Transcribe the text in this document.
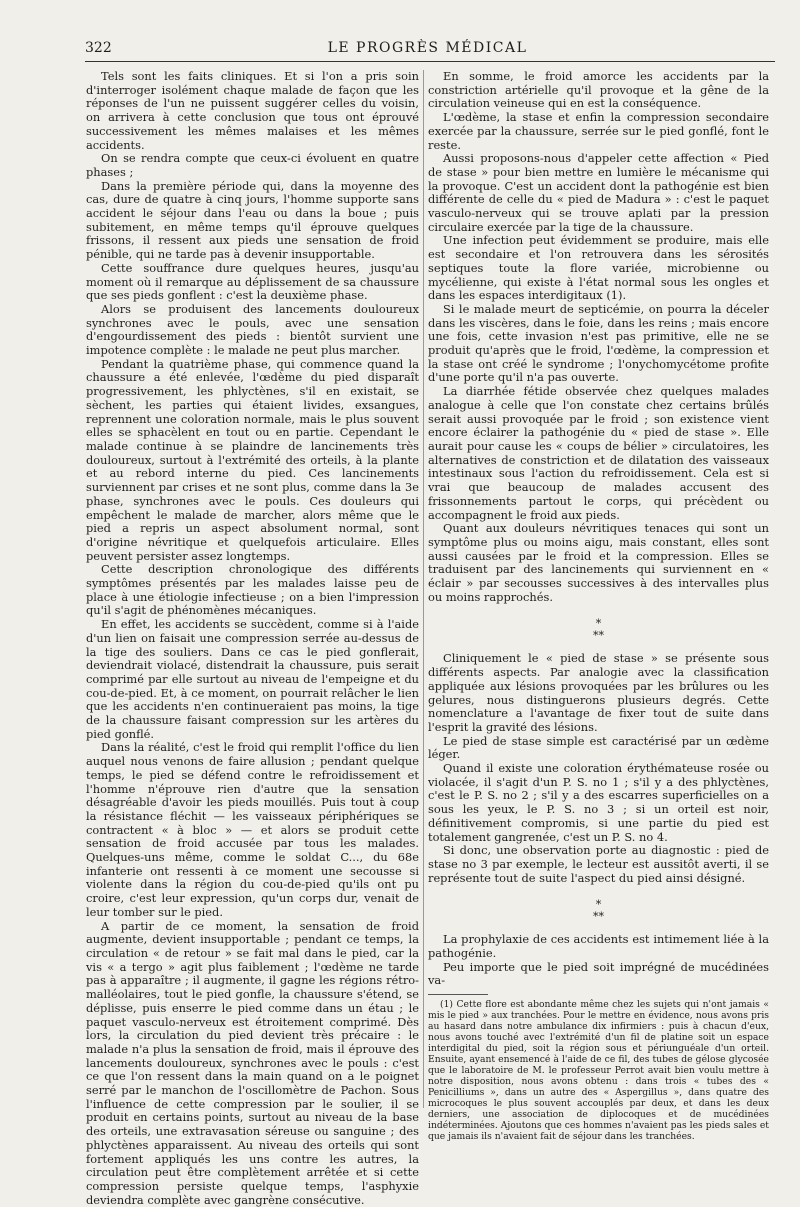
322	LE PROGRÈS MÉDICAL

Tels sont les faits cliniques. Et si l'on a pris soin d'interroger isolément chaque malade de façon que les réponses de l'un ne puissent suggérer celles du voisin, on arrivera à cette conclusion que tous ont éprouvé successivement les mêmes malaises et les mêmes accidents.

On se rendra compte que ceux-ci évoluent en quatre phases ;

Dans la première période qui, dans la moyenne des cas, dure de quatre à cinq jours, l'homme supporte sans accident le séjour dans l'eau ou dans la boue ; puis subitement, en même temps qu'il éprouve quelques frissons, il ressent aux pieds une sensation de froid pénible, qui ne tarde pas à devenir insupportable.

Cette souffrance dure quelques heures, jusqu'au moment où il remarque au déplissement de sa chaussure que ses pieds gonflent : c'est la deuxième phase.

Alors se produisent des lancements douloureux synchrones avec le pouls, avec une sensation d'engourdissement des pieds : bientôt survient une impotence complète : le malade ne peut plus marcher.

Pendant la quatrième phase, qui commence quand la chaussure a été enlevée, l'œdème du pied disparaît progressivement, les phlyctènes, s'il en existait, se sèchent, les parties qui étaient livides, exsangues, reprennent une coloration normale, mais le plus souvent elles se sphacèlent en tout ou en partie. Cependant le malade continue à se plaindre de lancinements très douloureux, surtout à l'extrémité des orteils, à la plante et au rebord interne du pied. Ces lancinements surviennent par crises et ne sont plus, comme dans la 3e phase, synchrones avec le pouls. Ces douleurs qui empêchent le malade de marcher, alors même que le pied a repris un aspect absolument normal, sont d'origine névritique et quelquefois articulaire. Elles peuvent persister assez longtemps.

Cette description chronologique des différents symptômes présentés par les malades laisse peu de place à une étiologie infectieuse ; on a bien l'impression qu'il s'agit de phénomènes mécaniques.

En effet, les accidents se succèdent, comme si à l'aide d'un lien on faisait une compression serrée au-dessus de la tige des souliers. Dans ce cas le pied gonflerait, deviendrait violacé, distendrait la chaussure, puis serait comprimé par elle surtout au niveau de l'empeigne et du cou-de-pied. Et, à ce moment, on pourrait relâcher le lien que les accidents n'en continueraient pas moins, la tige de la chaussure faisant compression sur les artères du pied gonflé.

Dans la réalité, c'est le froid qui remplit l'office du lien auquel nous venons de faire allusion ; pendant quelque temps, le pied se défend contre le refroidissement et l'homme n'éprouve rien d'autre que la sensation désagréable d'avoir les pieds mouillés. Puis tout à coup la résistance fléchit — les vaisseaux périphériques se contractent « à bloc » — et alors se produit cette sensation de froid accusée par tous les malades. Quelques-uns même, comme le soldat C..., du 68e infanterie ont ressenti à ce moment une secousse si violente dans la région du cou-de-pied qu'ils ont pu croire, c'est leur expression, qu'un corps dur, venait de leur tomber sur le pied.

A partir de ce moment, la sensation de froid augmente, devient insupportable ; pendant ce temps, la circulation « de retour » se fait mal dans le pied, car la vis « a tergo » agit plus faiblement ; l'œdème ne tarde pas à apparaître ; il augmente, il gagne les régions rétro-malléolaires, tout le pied gonfle, la chaussure s'étend, se déplisse, puis enserre le pied comme dans un étau ; le paquet vasculo-nerveux est étroitement comprimé. Dès lors, la circulation du pied devient très précaire : le malade n'a plus la sensation de froid, mais il éprouve des lancements douloureux, synchrones avec le pouls : c'est ce que l'on ressent dans la main quand on a le poignet serré par le manchon de l'oscillomètre de Pachon. Sous l'influence de cette compression par le soulier, il se produit en certains points, surtout au niveau de la base des orteils, une extravasation séreuse ou sanguine ; des phlyctènes apparaissent. Au niveau des orteils qui sont fortement appliqués les uns contre les autres, la circulation peut être complètement arrêtée et si cette compression persiste quelque temps, l'asphyxie deviendra complète avec gangrène consécutive.

En somme, le froid amorce les accidents par la constriction artérielle qu'il provoque et la gêne de la circulation veineuse qui en est la conséquence.

L'œdème, la stase et enfin la compression secondaire exercée par la chaussure, serrée sur le pied gonflé, font le reste.

Aussi proposons-nous d'appeler cette affection « Pied de stase » pour bien mettre en lumière le mécanisme qui la provoque. C'est un accident dont la pathogénie est bien différente de celle du « pied de Madura » : c'est le paquet vasculo-nerveux qui se trouve aplati par la pression circulaire exercée par la tige de la chaussure.

Une infection peut évidemment se produire, mais elle est secondaire et l'on retrouvera dans les sérosités septiques toute la flore variée, microbienne ou mycélienne, qui existe à l'état normal sous les ongles et dans les espaces interdigitaux (1).

Si le malade meurt de septicémie, on pourra la déceler dans les viscères, dans le foie, dans les reins ; mais encore une fois, cette invasion n'est pas primitive, elle ne se produit qu'après que le froid, l'œdème, la compression et la stase ont créé le syndrome ; l'onychomycétome profite d'une porte qu'il n'a pas ouverte.

La diarrhée fétide observée chez quelques malades analogue à celle que l'on constate chez certains brûlés serait aussi provoquée par le froid ; son existence vient encore éclairer la pathogénie du « pied de stase ». Elle aurait pour cause les « coups de bélier » circulatoires, les alternatives de constriction et de dilatation des vaisseaux intestinaux sous l'action du refroidissement. Cela est si vrai que beaucoup de malades accusent des frissonnements partout le corps, qui précèdent ou accompagnent le froid aux pieds.

Quant aux douleurs névritiques tenaces qui sont un symptôme plus ou moins aigu, mais constant, elles sont aussi causées par le froid et la compression. Elles se traduisent par des lancinements qui surviennent en « éclair » par secousses successives à des intervalles plus ou moins rapprochés.

*
**

Cliniquement le « pied de stase » se présente sous différents aspects. Par analogie avec la classification appliquée aux lésions provoquées par les brûlures ou les gelures, nous distinguerons plusieurs degrés. Cette nomenclature a l'avantage de fixer tout de suite dans l'esprit la gravité des lésions.

Le pied de stase simple est caractérisé par un œdème léger.

Quand il existe une coloration érythémateuse rosée ou violacée, il s'agit d'un P. S. no 1 ; s'il y a des phlyctènes, c'est le P. S. no 2 ; s'il y a des escarres superficielles on a sous les yeux, le P. S. no 3 ; si un orteil est noir, définitivement compromis, si une partie du pied est totalement gangrenée, c'est un P. S. no 4.

Si donc, une observation porte au diagnostic : pied de stase no 3 par exemple, le lecteur est aussitôt averti, il se représente tout de suite l'aspect du pied ainsi désigné.

*
**

La prophylaxie de ces accidents est intimement liée à la pathogénie.

Peu importe que le pied soit imprégné de mucédinées va-

(1) Cette flore est abondante même chez les sujets qui n'ont jamais « mis le pied » aux tranchées. Pour le mettre en évidence, nous avons pris au hasard dans notre ambulance dix infirmiers : puis à chacun d'eux, nous avons touché avec l'extrémité d'un fil de platine soit un espace interdigital du pied, soit la région sous et périunguéale d'un orteil. Ensuite, ayant ensemencé à l'aide de ce fil, des tubes de gélose glycosée que le laboratoire de M. le professeur Perrot avait bien voulu mettre à notre disposition, nous avons obtenu : dans trois « tubes des « Penicilliums », dans un autre des « Aspergillus », dans quatre des microcoques le plus souvent accouplés par deux, et dans les deux derniers, une association de diplocoques et de mucédinées indéterminées. Ajoutons que ces hommes n'avaient pas les pieds sales et que jamais ils n'avaient fait de séjour dans les tranchées.
